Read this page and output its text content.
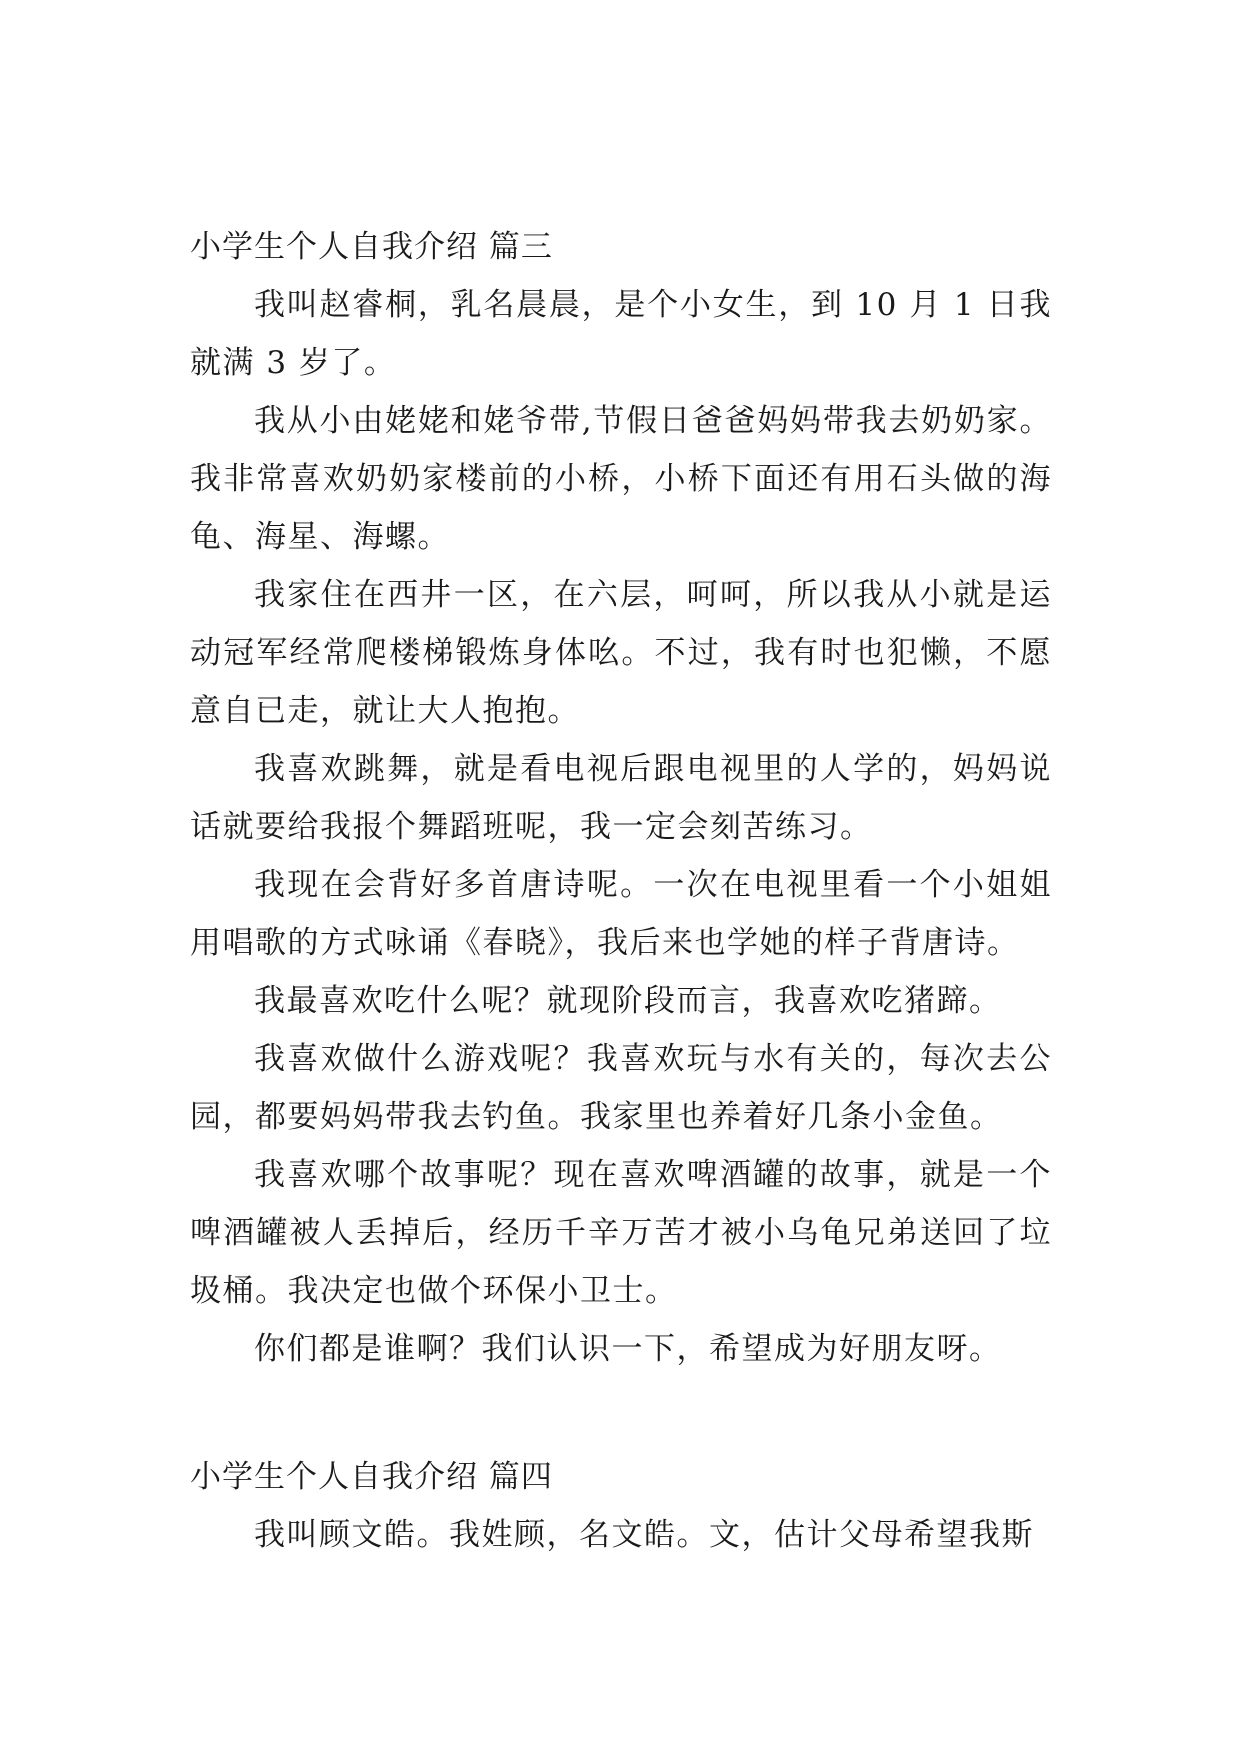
小学生个人自我介绍 篇三

我叫赵睿桐，乳名晨晨，是个小女生，到 10 月 1 日我就满 3 岁了。

我从小由姥姥和姥爷带,节假日爸爸妈妈带我去奶奶家。我非常喜欢奶奶家楼前的小桥，小桥下面还有用石头做的海龟、海星、海螺。

我家住在西井一区，在六层，呵呵，所以我从小就是运动冠军经常爬楼梯锻炼身体吆。不过，我有时也犯懒，不愿意自已走，就让大人抱抱。

我喜欢跳舞，就是看电视后跟电视里的人学的，妈妈说话就要给我报个舞蹈班呢，我一定会刻苦练习。

我现在会背好多首唐诗呢。一次在电视里看一个小姐姐用唱歌的方式咏诵《春晓》，我后来也学她的样子背唐诗。

我最喜欢吃什么呢？就现阶段而言，我喜欢吃猪蹄。

我喜欢做什么游戏呢？我喜欢玩与水有关的，每次去公园，都要妈妈带我去钓鱼。我家里也养着好几条小金鱼。

我喜欢哪个故事呢？现在喜欢啤酒罐的故事，就是一个啤酒罐被人丢掉后，经历千辛万苦才被小乌龟兄弟送回了垃圾桶。我决定也做个环保小卫士。

你们都是谁啊？我们认识一下，希望成为好朋友呀。

小学生个人自我介绍 篇四

我叫顾文皓。我姓顾，名文皓。文，估计父母希望我斯
